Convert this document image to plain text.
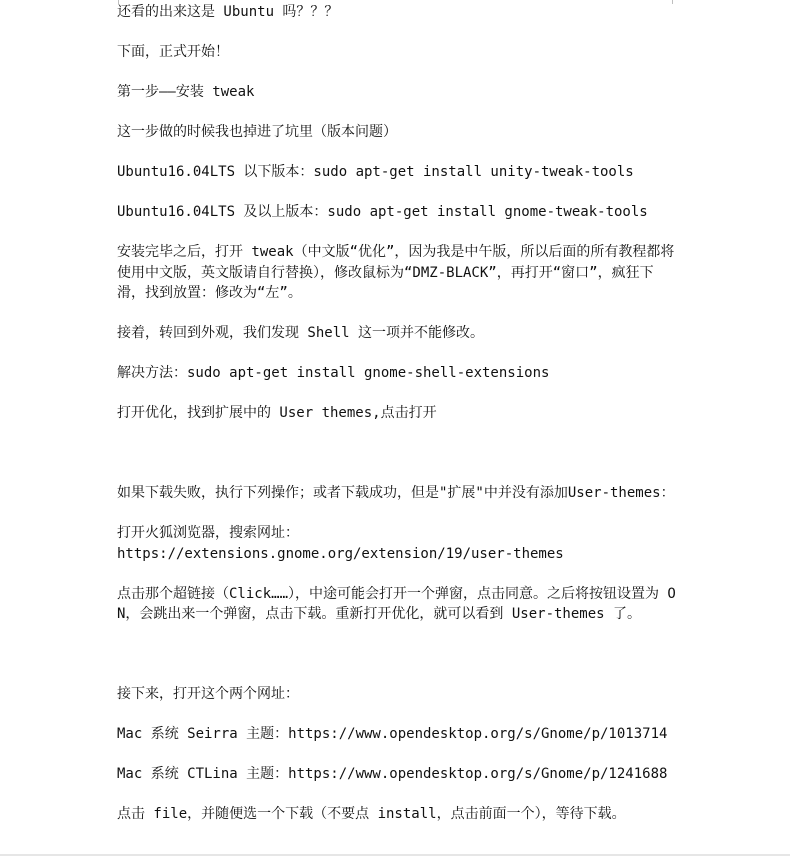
还看的出来这是 Ubuntu 吗？？？

下面，正式开始！

第一步——安装 tweak

这一步做的时候我也掉进了坑里（版本问题）

Ubuntu16.04LTS 以下版本：sudo apt-get install unity-tweak-tools

Ubuntu16.04LTS 及以上版本：sudo apt-get install gnome-tweak-tools

安装完毕之后，打开 tweak（中文版“优化”，因为我是中午版，所以后面的所有教程都将使用中文版，英文版请自行替换），修改鼠标为“DMZ-BLACK”，再打开“窗口”，疯狂下滑，找到放置：修改为“左”。

接着，转回到外观，我们发现 Shell 这一项并不能修改。

解决方法：sudo apt-get install gnome-shell-extensions

打开优化，找到扩展中的 User themes,点击打开

如果下载失败，执行下列操作；或者下载成功，但是"扩展"中并没有添加User-themes：

打开火狐浏览器，搜索网址：
https://extensions.gnome.org/extension/19/user-themes

点击那个超链接（Click……），中途可能会打开一个弹窗，点击同意。之后将按钮设置为 ON，会跳出来一个弹窗，点击下载。重新打开优化，就可以看到 User-themes 了。

接下来，打开这个两个网址：

Mac 系统 Seirra 主题：https://www.opendesktop.org/s/Gnome/p/1013714

Mac 系统 CTLina 主题：https://www.opendesktop.org/s/Gnome/p/1241688

点击 file，并随便选一个下载（不要点 install，点击前面一个），等待下载。
